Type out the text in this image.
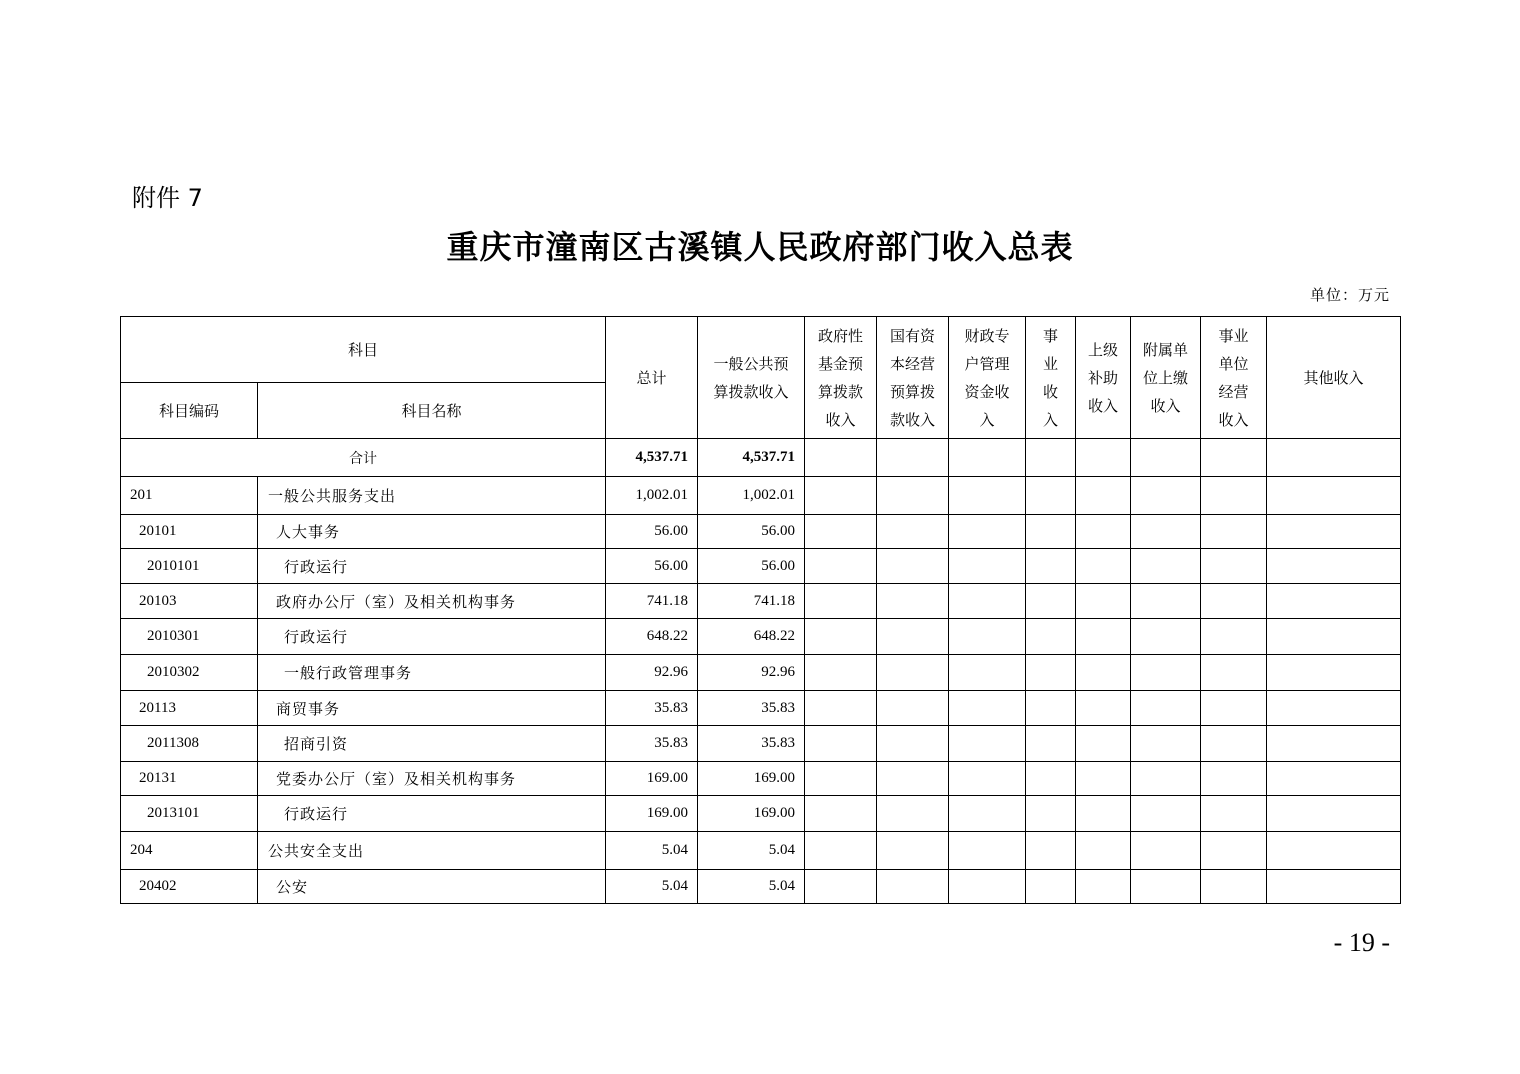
附件 7
重庆市潼南区古溪镇人民政府部门收入总表
单位：万元
科目		总计	一般公共预算拨款收入	政府性基金预算拨款收入	国有资本经营预算拨款收入	财政专户管理资金收入	事业收入	上级补助收入	附属单位上缴收入	事业单位经营收入	其他收入
科目编码	科目名称										
合计		4,537.71	4,537.71								
201	一般公共服务支出	1,002.01	1,002.01								
20101	人大事务	56.00	56.00								
2010101	行政运行	56.00	56.00								
20103	政府办公厅（室）及相关机构事务	741.18	741.18								
2010301	行政运行	648.22	648.22								
2010302	一般行政管理事务	92.96	92.96								
20113	商贸事务	35.83	35.83								
2011308	招商引资	35.83	35.83								
20131	党委办公厅（室）及相关机构事务	169.00	169.00								
2013101	行政运行	169.00	169.00								
204	公共安全支出	5.04	5.04								
20402	公安	5.04	5.04								
- 19 -
